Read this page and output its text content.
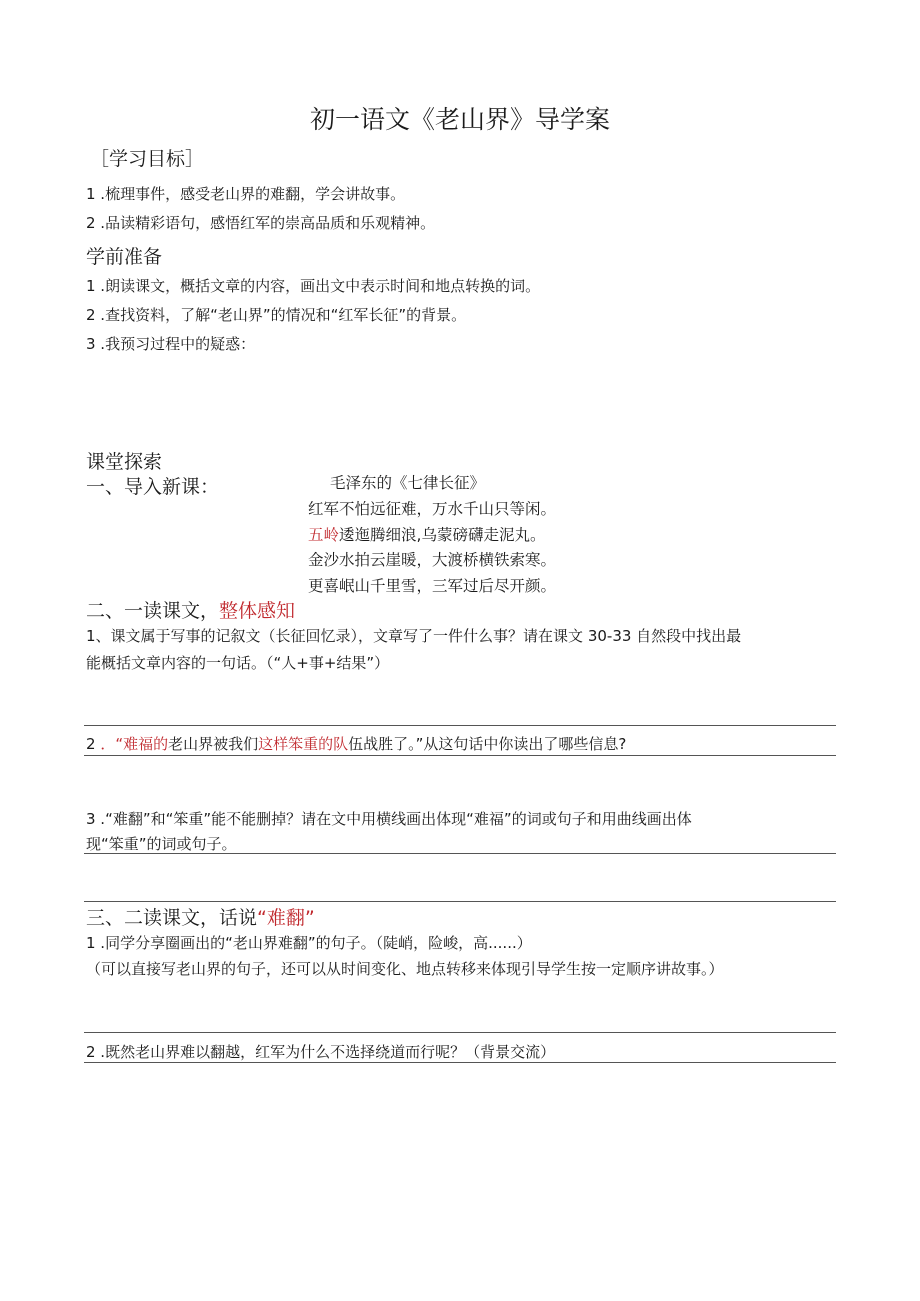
初一语文《老山界》导学案
［学习目标］
1 .梳理事件，感受老山界的难翻，学会讲故事。
2 .品读精彩语句，感悟红军的崇高品质和乐观精神。
学前准备
1 .朗读课文，概括文章的内容，画出文中表示时间和地点转换的词。
2 .查找资料，了解“老山界”的情况和“红军长征”的背景。
3 .我预习过程中的疑惑：
课堂探索
一、导入新课：	毛泽东的《七律长征》
红军不怕远征难，万水千山只等闲。
五岭逶迤腾细浪,乌蒙磅礴走泥丸。
金沙水拍云崖暖，大渡桥横铁索寒。
更喜岷山千里雪，三军过后尽开颜。
二、一读课文，整体感知
1、课文属于写事的记叙文（长征回忆录），文章写了一件什么事？请在课文 30-33 自然段中找出最
能概括文章内容的一句话。（“人+事+结果”）
2 ．“难福的老山界被我们这样笨重的队伍战胜了。”从这句话中你读出了哪些信息?
3 .“难翻”和“笨重”能不能删掉？请在文中用横线画出体现“难福”的词或句子和用曲线画出体
现“笨重”的词或句子。
三、二读课文，话说“难翻”
1 .同学分享圈画出的“老山界难翻”的句子。（陡峭，险峻，高......）
（可以直接写老山界的句子，还可以从时间变化、地点转移来体现引导学生按一定顺序讲故事。）
2 .既然老山界难以翻越，红军为什么不选择绕道而行呢？（背景交流）
